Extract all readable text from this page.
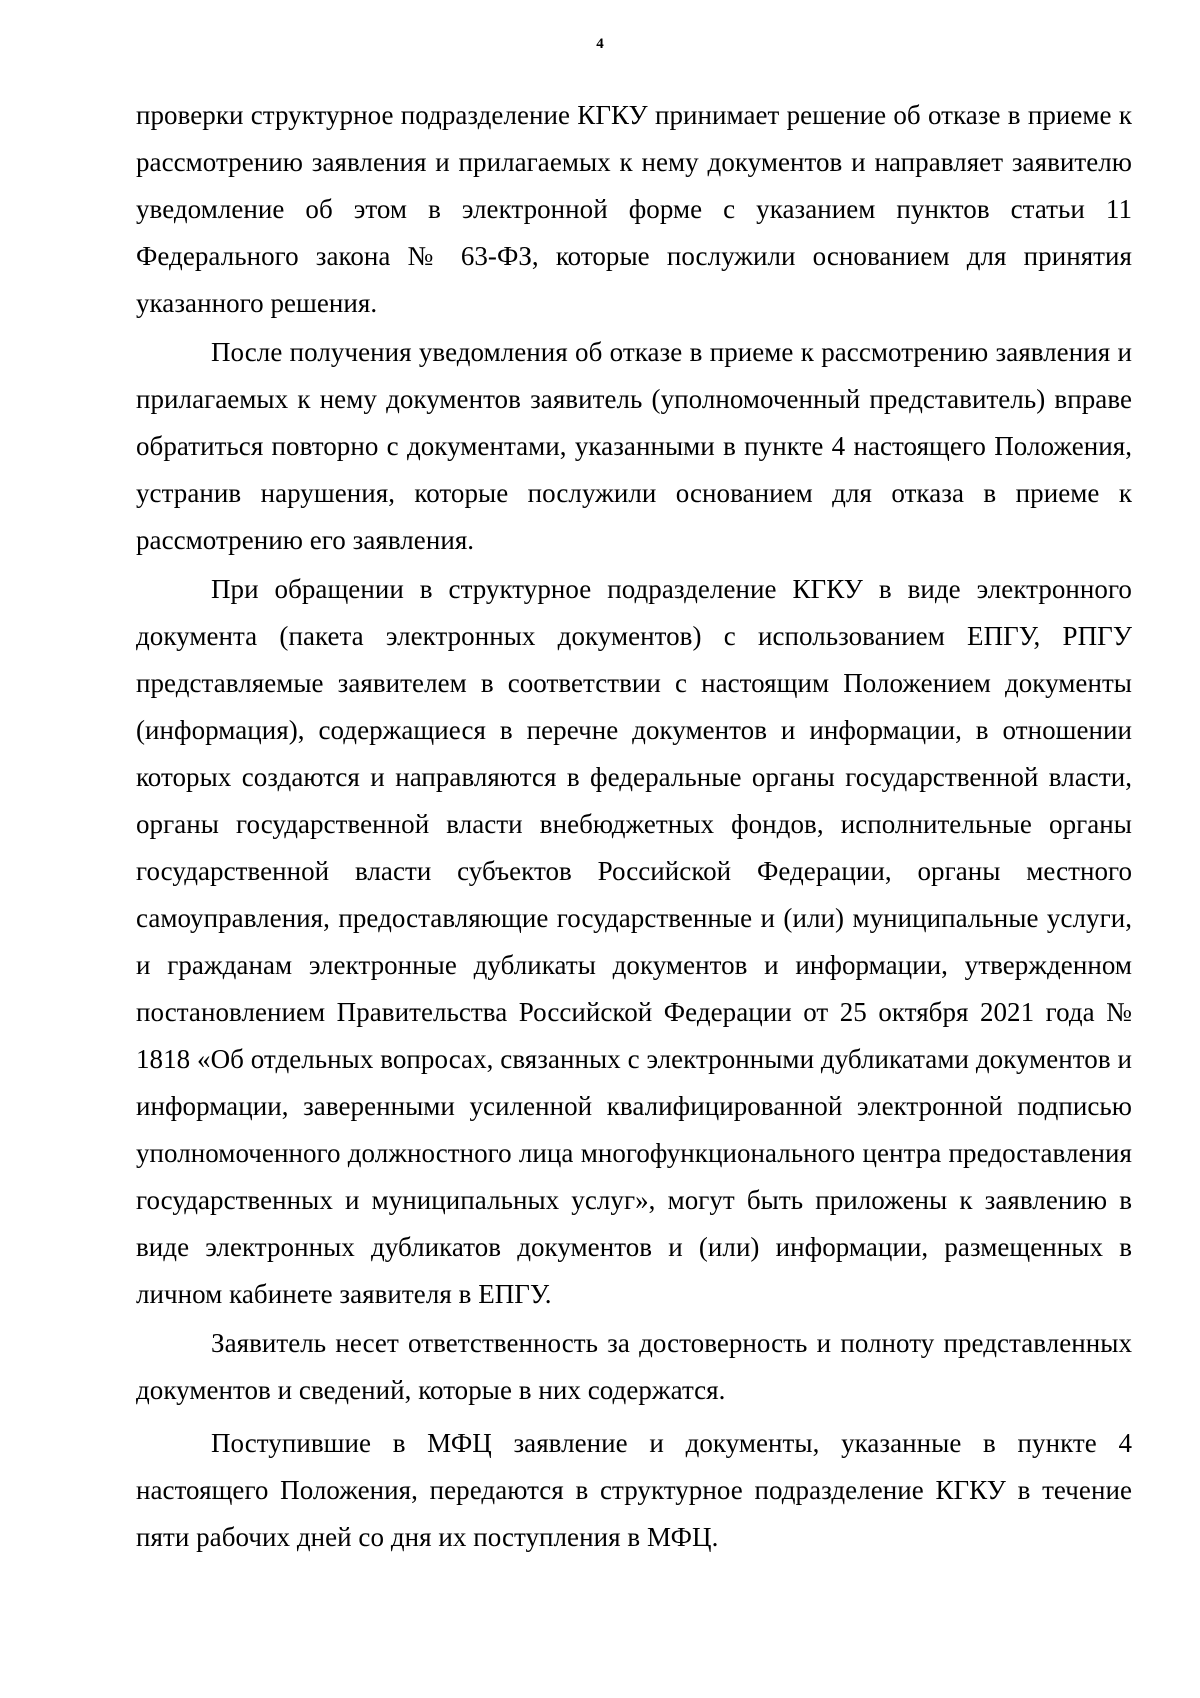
4

проверки структурное подразделение КГКУ принимает решение об отказе в приеме к рассмотрению заявления и прилагаемых к нему документов и направляет заявителю уведомление об этом в электронной форме с указанием пунктов статьи 11 Федерального закона № 63-ФЗ, которые послужили основанием для принятия указанного решения.

После получения уведомления об отказе в приеме к рассмотрению заявления и прилагаемых к нему документов заявитель (уполномоченный представитель) вправе обратиться повторно с документами, указанными в пункте 4 настоящего Положения, устранив нарушения, которые послужили основанием для отказа в приеме к рассмотрению его заявления.

При обращении в структурное подразделение КГКУ в виде электронного документа (пакета электронных документов) с использованием ЕПГУ, РПГУ представляемые заявителем в соответствии с настоящим Положением документы (информация), содержащиеся в перечне документов и информации, в отношении которых создаются и направляются в федеральные органы государственной власти, органы государственной власти внебюджетных фондов, исполнительные органы государственной власти субъектов Российской Федерации, органы местного самоуправления, предоставляющие государственные и (или) муниципальные услуги, и гражданам электронные дубликаты документов и информации, утвержденном постановлением Правительства Российской Федерации от 25 октября 2021 года № 1818 «Об отдельных вопросах, связанных с электронными дубликатами документов и информации, заверенными усиленной квалифицированной электронной подписью уполномоченного должностного лица многофункционального центра предоставления государственных и муниципальных услуг», могут быть приложены к заявлению в виде электронных дубликатов документов и (или) информации, размещенных в личном кабинете заявителя в ЕПГУ.

Заявитель несет ответственность за достоверность и полноту представленных документов и сведений, которые в них содержатся.

Поступившие в МФЦ заявление и документы, указанные в пункте 4 настоящего Положения, передаются в структурное подразделение КГКУ в течение пяти рабочих дней со дня их поступления в МФЦ.
